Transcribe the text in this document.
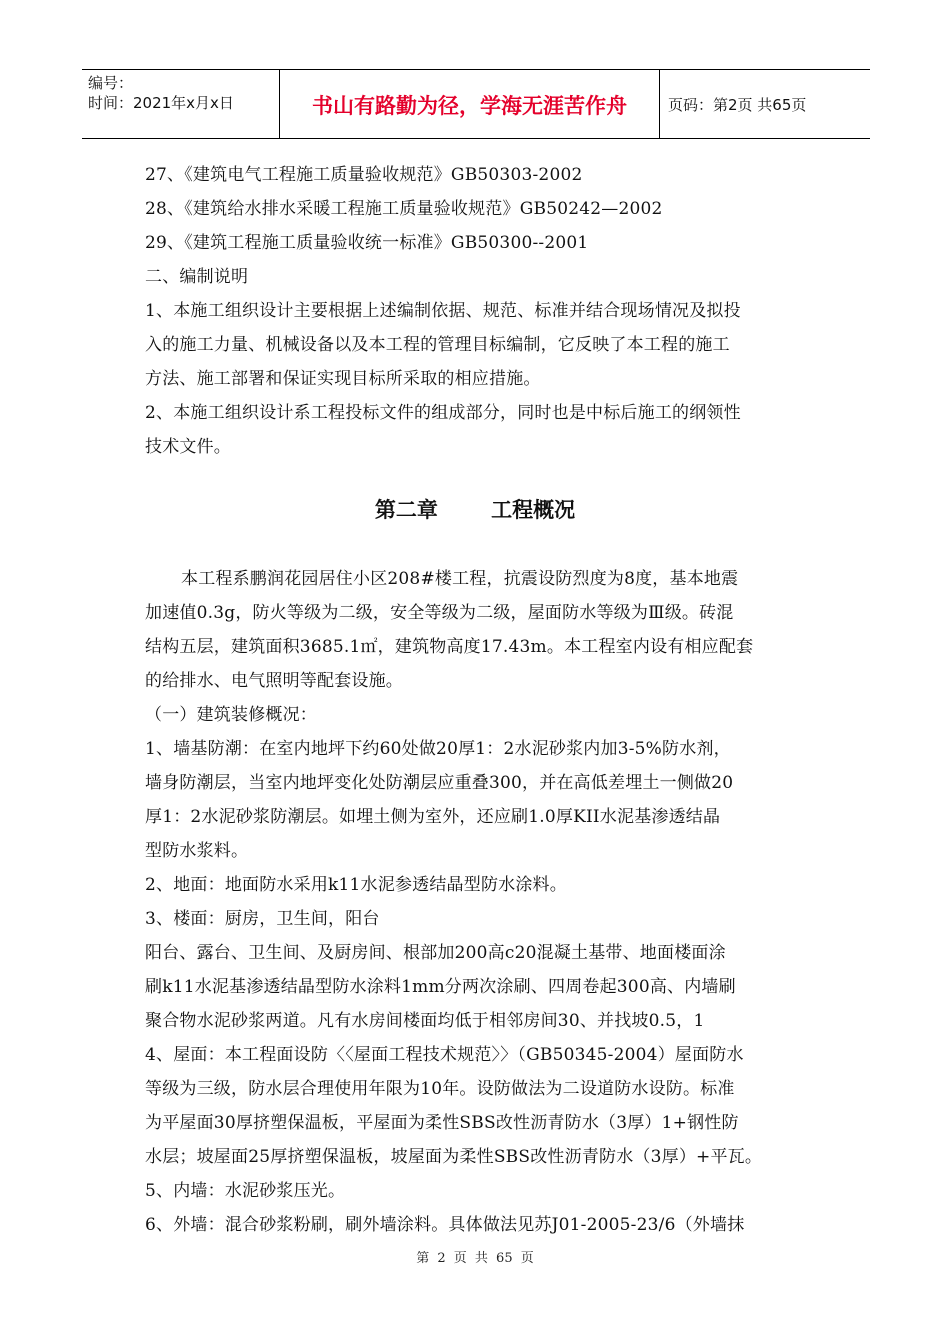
编号：
时间：2021年x月x日	书山有路勤为径，学海无涯苦作舟	页码：第2页 共65页
27、《建筑电气工程施工质量验收规范》GB50303-2002
28、《建筑给水排水采暖工程施工质量验收规范》GB50242—2002
29、《建筑工程施工质量验收统一标准》GB50300--2001
二、编制说明
1、本施工组织设计主要根据上述编制依据、规范、标准并结合现场情况及拟投
入的施工力量、机械设备以及本工程的管理目标编制，它反映了本工程的施工
方法、施工部署和保证实现目标所采取的相应措施。
2、本施工组织设计系工程投标文件的组成部分，同时也是中标后施工的纲领性
技术文件。
第二章	工程概况
本工程系鹏润花园居住小区208#楼工程，抗震设防烈度为8度，基本地震
加速值0.3g，防火等级为二级，安全等级为二级，屋面防水等级为Ⅲ级。砖混
结构五层，建筑面积3685.1㎡，建筑物高度17.43m。本工程室内设有相应配套
的给排水、电气照明等配套设施。
（一）建筑装修概况：
1、墙基防潮：在室内地坪下约60处做20厚1：2水泥砂浆内加3-5%防水剂，
墙身防潮层，当室内地坪变化处防潮层应重叠300，并在高低差埋土一侧做20
厚1：2水泥砂浆防潮层。如埋土侧为室外，还应刷1.0厚KII水泥基渗透结晶
型防水浆料。
2、地面：地面防水采用k11水泥参透结晶型防水涂料。
3、楼面：厨房，卫生间，阳台
阳台、露台、卫生间、及厨房间、根部加200高c20混凝土基带、地面楼面涂
刷k11水泥基渗透结晶型防水涂料1mm分两次涂刷、四周卷起300高、内墙刷
聚合物水泥砂浆两道。凡有水房间楼面均低于相邻房间30、并找坡0.5，1
4、屋面：本工程面设防〈〈屋面工程技术规范〉〉（GB50345-2004）屋面防水
等级为三级，防水层合理使用年限为10年。设防做法为二设道防水设防。标准
为平屋面30厚挤塑保温板，平屋面为柔性SBS改性沥青防水（3厚）1+钢性防
水层；坡屋面25厚挤塑保温板，坡屋面为柔性SBS改性沥青防水（3厚）+平瓦。
5、内墙：水泥砂浆压光。
6、外墙：混合砂浆粉刷，刷外墙涂料。具体做法见苏J01-2005-23/6（外墙抹
第 2 页 共 65 页
